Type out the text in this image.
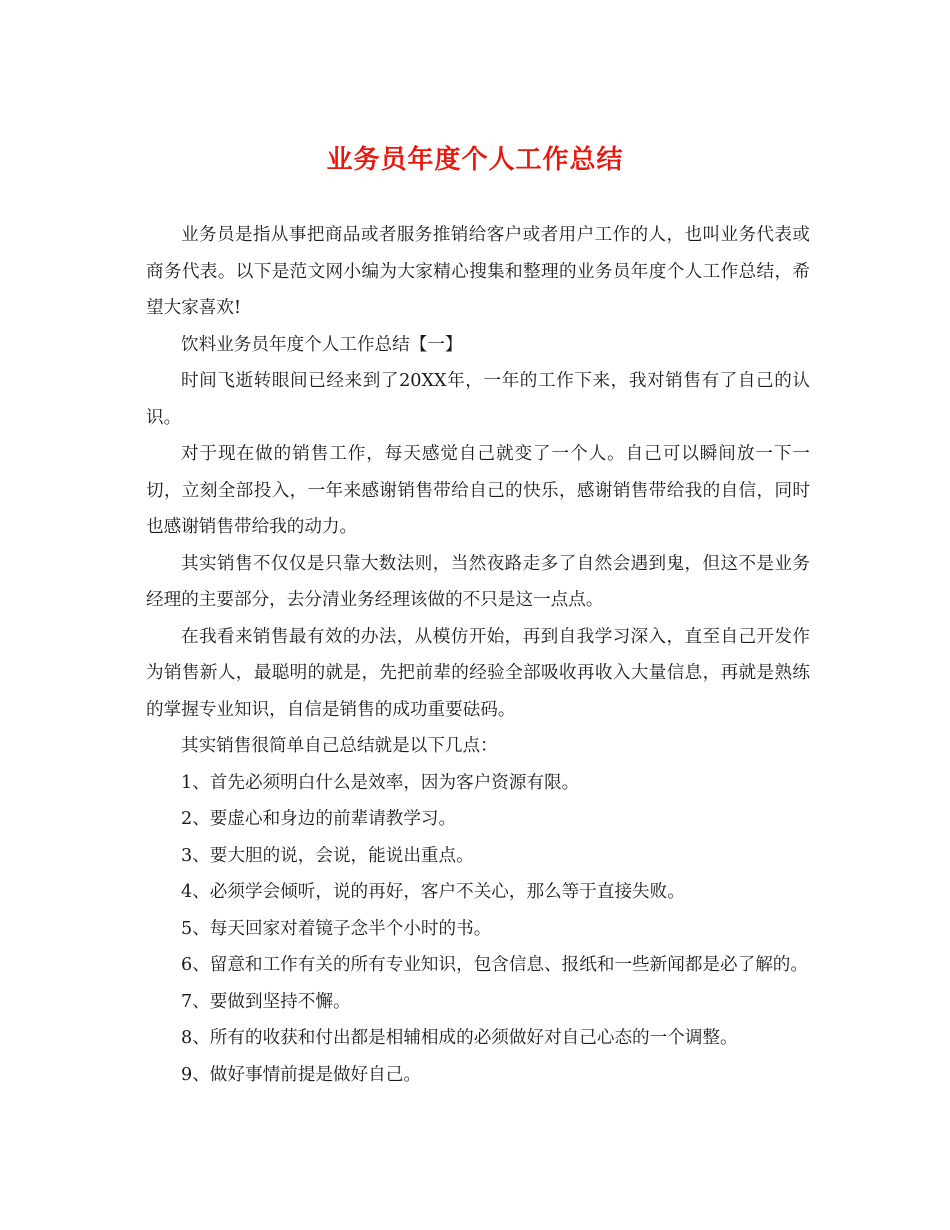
业务员年度个人工作总结

业务员是指从事把商品或者服务推销给客户或者用户工作的人，也叫业务代表或商务代表。以下是范文网小编为大家精心搜集和整理的业务员年度个人工作总结，希望大家喜欢!

饮料业务员年度个人工作总结【一】

时间飞逝转眼间已经来到了20XX年，一年的工作下来，我对销售有了自己的认识。

对于现在做的销售工作，每天感觉自己就变了一个人。自己可以瞬间放一下一切，立刻全部投入，一年来感谢销售带给自己的快乐，感谢销售带给我的自信，同时也感谢销售带给我的动力。

其实销售不仅仅是只靠大数法则，当然夜路走多了自然会遇到鬼，但这不是业务经理的主要部分，去分清业务经理该做的不只是这一点点。

在我看来销售最有效的办法，从模仿开始，再到自我学习深入，直至自己开发作为销售新人，最聪明的就是，先把前辈的经验全部吸收再收入大量信息，再就是熟练的掌握专业知识，自信是销售的成功重要砝码。

其实销售很简单自己总结就是以下几点：

1、首先必须明白什么是效率，因为客户资源有限。

2、要虚心和身边的前辈请教学习。

3、要大胆的说，会说，能说出重点。

4、必须学会倾听，说的再好，客户不关心，那么等于直接失败。

5、每天回家对着镜子念半个小时的书。

6、留意和工作有关的所有专业知识，包含信息、报纸和一些新闻都是必了解的。

7、要做到坚持不懈。

8、所有的收获和付出都是相辅相成的必须做好对自己心态的一个调整。

9、做好事情前提是做好自己。
